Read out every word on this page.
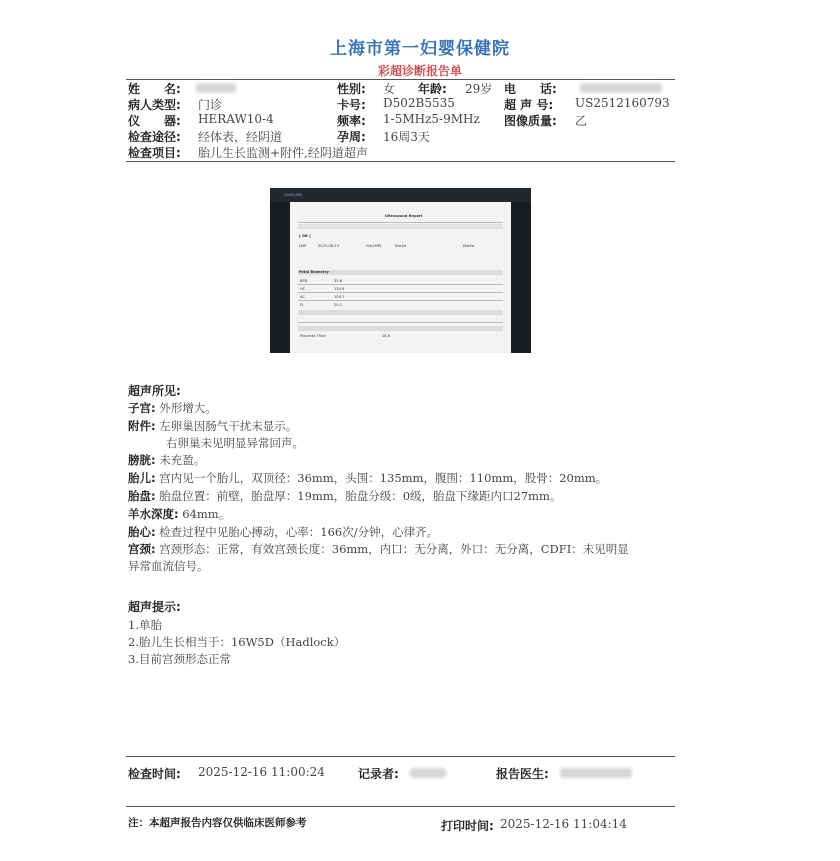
上海市第一妇婴保健院
彩超诊断报告单
姓　　名:	性别: 女 年龄: 29岁 电　　话:
病人类型: 门诊	卡号: D502B5535	超 声 号: US2512160793
仪　　器: HERAW10-4	频率: 1-5MHz5-9MHz 图像质量: 乙
检查途径: 经体表，经阴道	孕周: 16周3天
检查项目: 胎儿生长监测+附件,经阴道超声
SAMSUNG
Ultrasound Report
[ OB ]
LMP	2025-08-23	GA(LMP)	16w3d	16w5d
Fetal Biometry
BPD	35.6
HC	134.9
AC	109.7
FL	20.1
Placenta Thick	18.6
超声所见:
子宫: 外形增大。
附件: 左卵巢因肠气干扰未显示。
右卵巢未见明显异常回声。
膀胱: 未充盈。
胎儿: 宫内见一个胎儿，双顶径：36mm，头围：135mm，腹围：110mm，股骨：20mm。
胎盘: 胎盘位置：前壁，胎盘厚：19mm，胎盘分级：0级，胎盘下缘距内口27mm。
羊水深度: 64mm。
胎心: 检查过程中见胎心搏动，心率：166次/分钟，心律齐。
宫颈: 宫颈形态：正常，有效宫颈长度：36mm，内口：无分离，外口：无分离，CDFI：未见明显
异常血流信号。
超声提示:
1.单胎
2.胎儿生长相当于：16W5D（Hadlock）
3.目前宫颈形态正常
检查时间: 2025-12-16 11:00:24	记录者:	报告医生:
注：本超声报告内容仅供临床医师参考	打印时间: 2025-12-16 11:04:14
